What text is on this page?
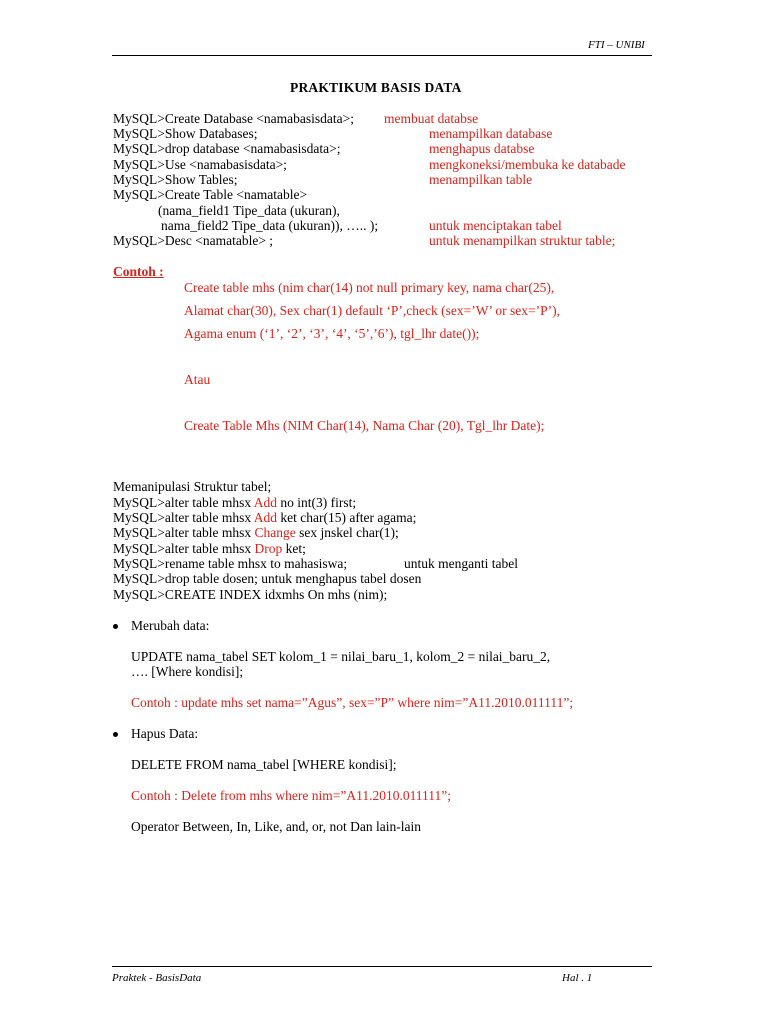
FTI – UNIBI
PRAKTIKUM BASIS DATA
MySQL>Create Database <namabasisdata>; membuat databse
MySQL>Show Databases;	menampilkan database
MySQL>drop database <namabasisdata>;	menghapus databse
MySQL>Use <namabasisdata>;	mengkoneksi/membuka ke databade
MySQL>Show Tables;	menampilkan table
MySQL>Create Table <namatable>
(nama_field1 Tipe_data (ukuran),
nama_field2 Tipe_data (ukuran)), ….. );	untuk menciptakan tabel
MySQL>Desc <namatable> ;	untuk menampilkan struktur table;
Contoh :
Create table mhs (nim char(14) not null primary key, nama char(25),
Alamat char(30), Sex char(1) default ‘P’,check (sex=’W’ or sex=’P’),
Agama enum (‘1’, ‘2’, ‘3’, ‘4’, ‘5’,’6’), tgl_lhr date());
Atau
Create Table Mhs (NIM Char(14), Nama Char (20), Tgl_lhr Date);
Memanipulasi Struktur tabel;
MySQL>alter table mhsx Add no int(3) first;
MySQL>alter table mhsx Add ket char(15) after agama;
MySQL>alter table mhsx Change sex jnskel char(1);
MySQL>alter table mhsx Drop ket;
MySQL>rename table mhsx to mahasiswa;	untuk menganti tabel
MySQL>drop table dosen; untuk menghapus tabel dosen
MySQL>CREATE INDEX idxmhs On mhs (nim);
Merubah data:
UPDATE nama_tabel SET kolom_1 = nilai_baru_1, kolom_2 = nilai_baru_2,
…. [Where kondisi];
Contoh : update mhs set nama=”Agus”, sex=”P” where nim=”A11.2010.011111”;
Hapus Data:
DELETE FROM nama_tabel [WHERE kondisi];
Contoh : Delete from mhs where nim=”A11.2010.011111”;
Operator Between, In, Like, and, or, not Dan lain-lain
Praktek - BasisData	Hal . 1
